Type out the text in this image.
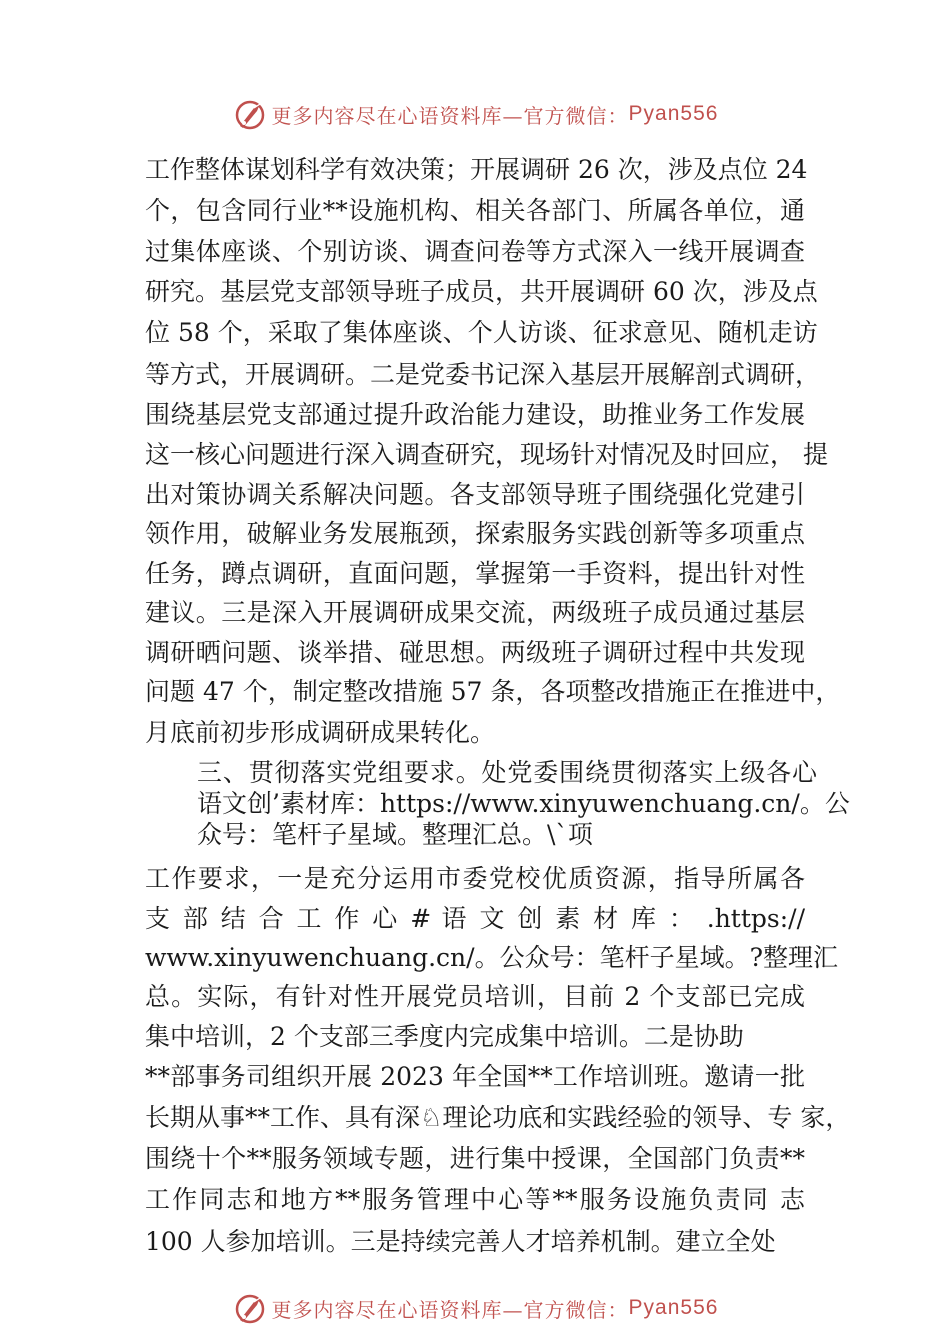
更多内容尽在心语资料库—官方微信： Pyan556
工作整体谋划科学有效决策；开展调研 26 次，涉及点位 24
个，包含同行业**设施机构、相关各部门、所属各单位，通
过集体座谈、个别访谈、调查问卷等方式深入一线开展调查
研究。基层党支部领导班子成员，共开展调研 60 次，涉及点
位 58 个，采取了集体座谈、个人访谈、征求意见、随机走访
等方式，开展调研。二是党委书记深入基层开展解剖式调研，
围绕基层党支部通过提升政治能力建设，助推业务工作发展
这一核心问题进行深入调查研究，现场针对情况及时回应， 提
出对策协调关系解决问题。各支部领导班子围绕强化党建引
领作用，破解业务发展瓶颈，探索服务实践创新等多项重点
任务，蹲点调研，直面问题，掌握第一手资料，提出针对性
建议。三是深入开展调研成果交流，两级班子成员通过基层
调研晒问题、谈举措、碰思想。两级班子调研过程中共发现
问题 47 个，制定整改措施 57 条，各项整改措施正在推进中，
月底前初步形成调研成果转化。
三、贯彻落实党组要求。处党委围绕贯彻落实上级各心
语文创’素材库：https://www.xinyuwenchuang.cn/。公
众号：笔杆子星域。整理汇总。\`项
工作要求，一是充分运用市委党校优质资源，指导所属各
支 部 结 合 工 作 心 # 语 文 创 素 材 库 ： .https://
www.xinyuwenchuang.cn/。公众号：笔杆子星域。?整理汇
总。实际，有针对性开展党员培训，目前 2 个支部已完成
集中培训，2 个支部三季度内完成集中培训。二是协助
**部事务司组织开展 2023 年全国**工作培训班。邀请一批
长期从事**工作、具有深♘理论功底和实践经验的领导、专 家，
围绕十个**服务领域专题，进行集中授课，全国部门负责**
工作同志和地方**服务管理中心等**服务设施负责同 志
100 人参加培训。三是持续完善人才培养机制。建立全处
更多内容尽在心语资料库—官方微信： Pyan556
